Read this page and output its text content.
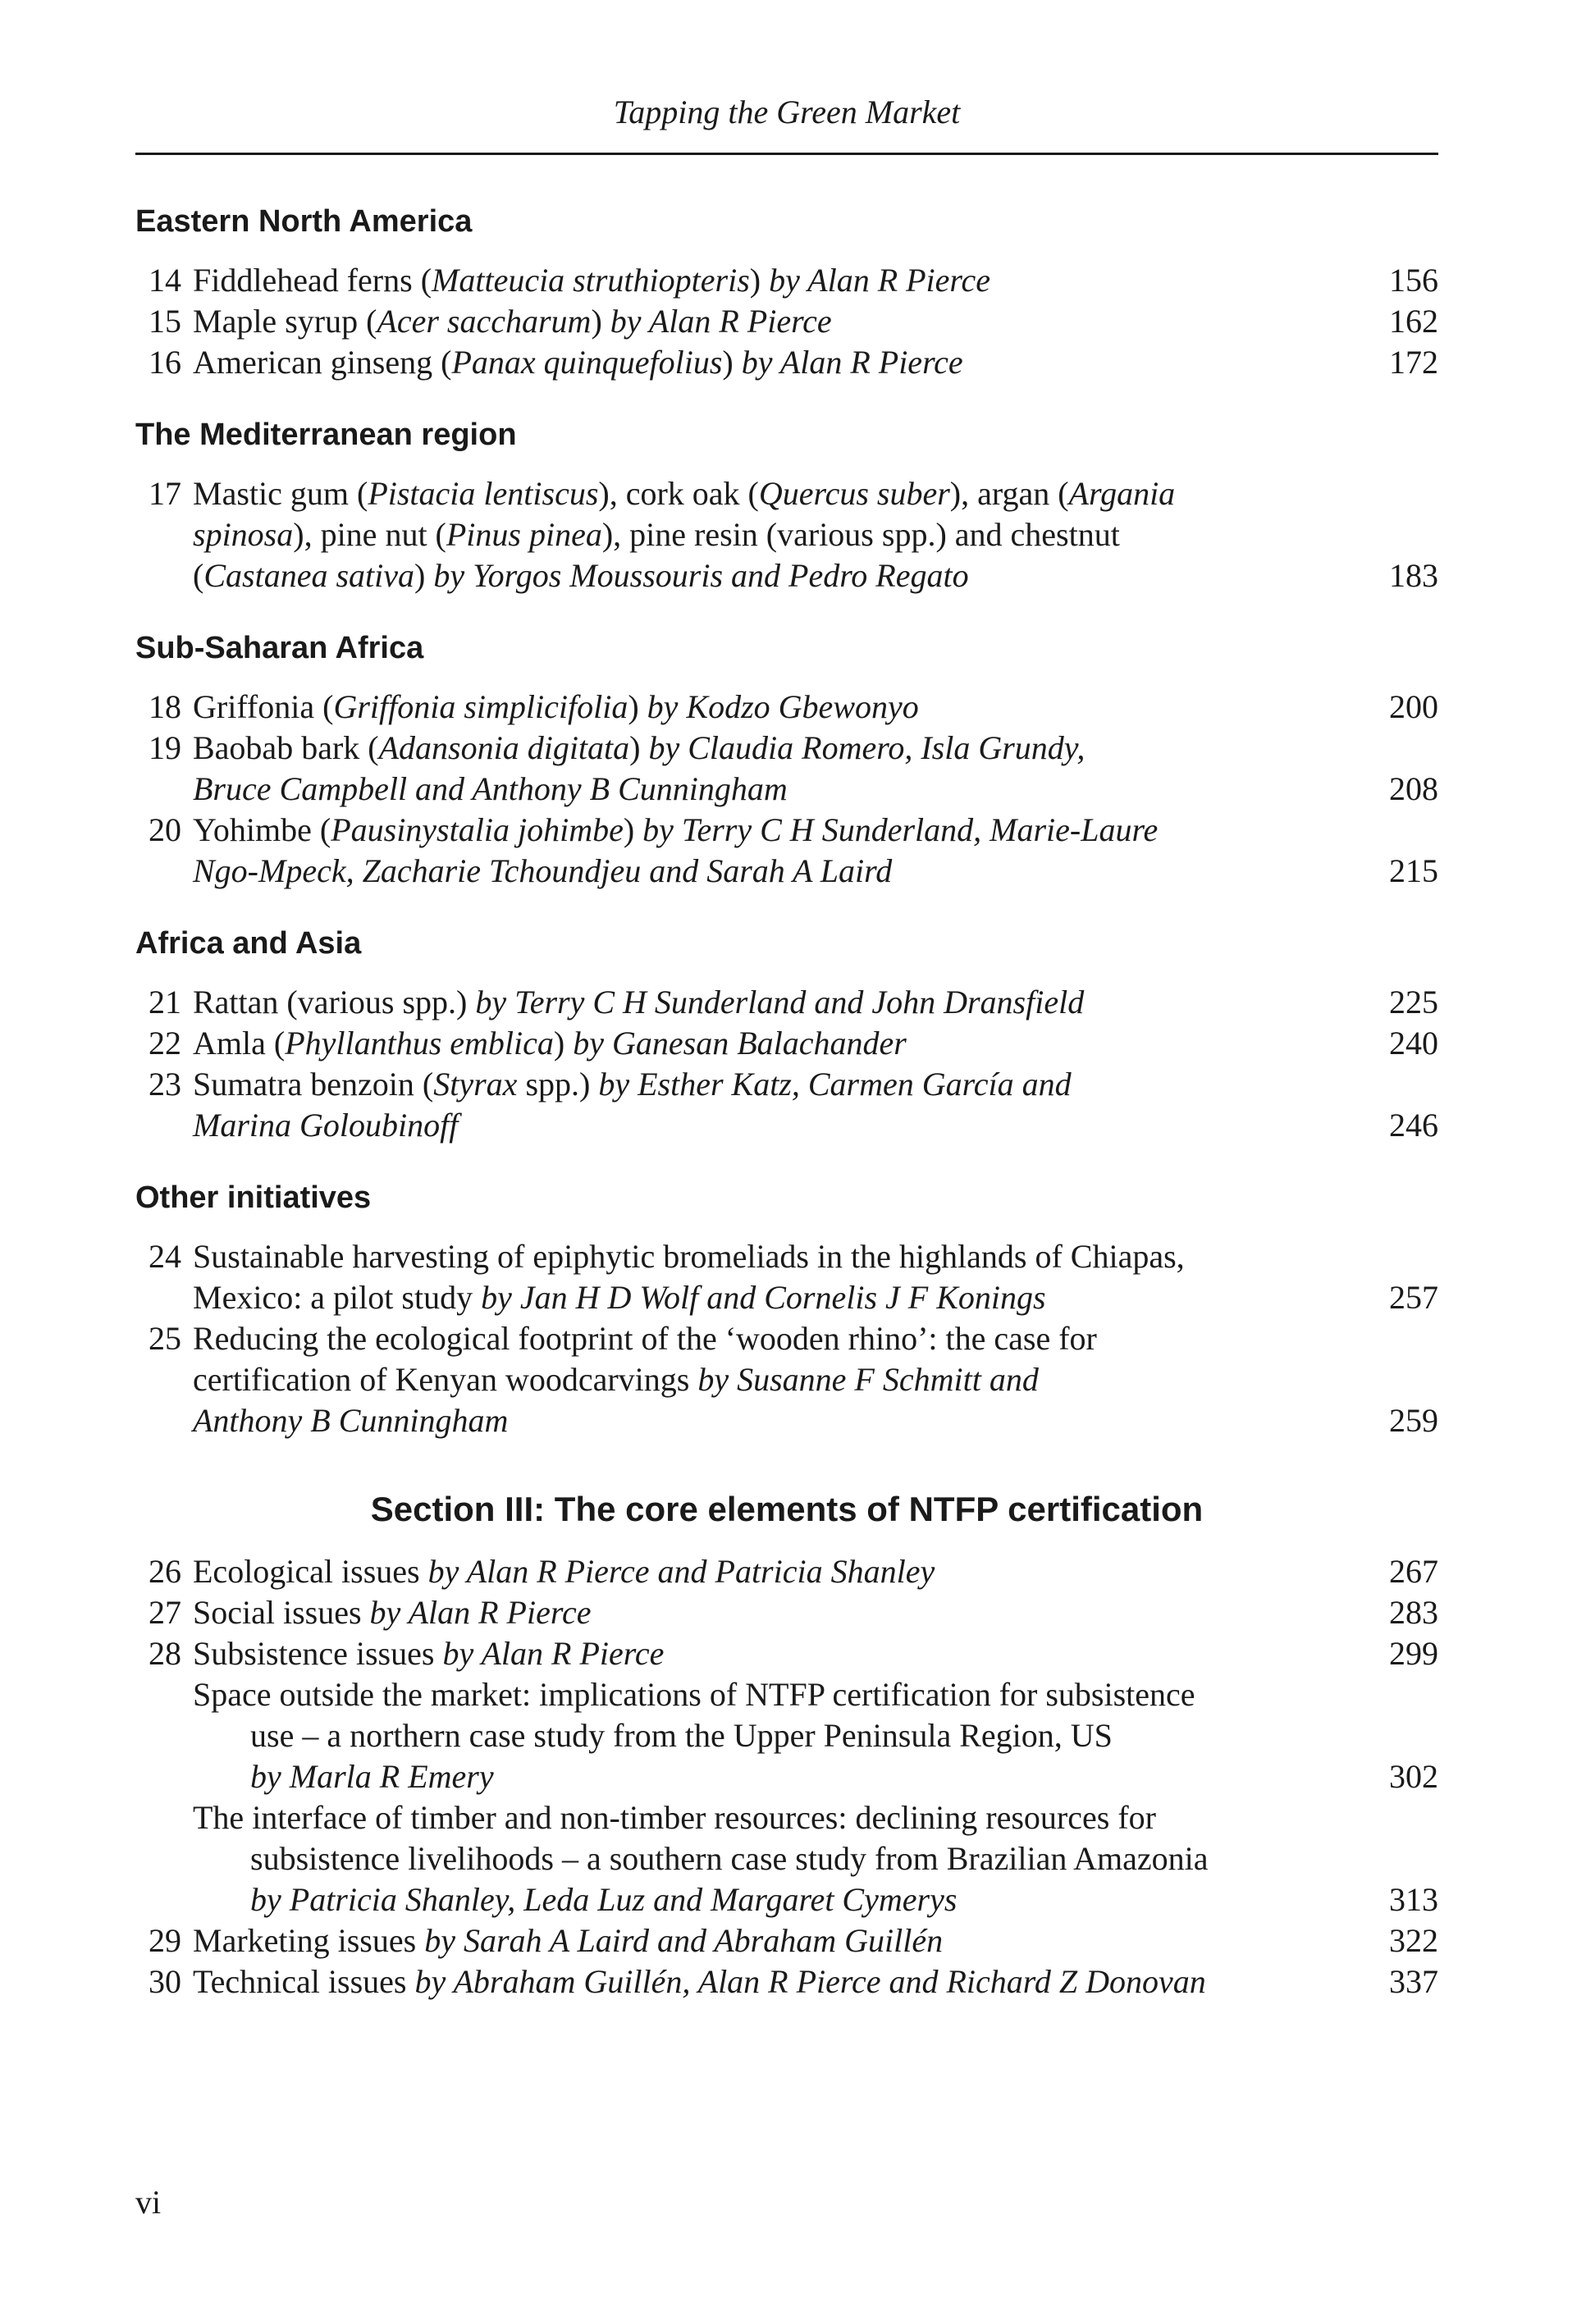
Tapping the Green Market
Eastern North America
14 Fiddlehead ferns (Matteucia struthiopteris) by Alan R Pierce	156
15 Maple syrup (Acer saccharum) by Alan R Pierce	162
16 American ginseng (Panax quinquefolius) by Alan R Pierce	172
The Mediterranean region
17 Mastic gum (Pistacia lentiscus), cork oak (Quercus suber), argan (Argania
spinosa), pine nut (Pinus pinea), pine resin (various spp.) and chestnut
(Castanea sativa) by Yorgos Moussouris and Pedro Regato	183
Sub-Saharan Africa
18 Griffonia (Griffonia simplicifolia) by Kodzo Gbewonyo	200
19 Baobab bark (Adansonia digitata) by Claudia Romero, Isla Grundy,
Bruce Campbell and Anthony B Cunningham	208
20 Yohimbe (Pausinystalia johimbe) by Terry C H Sunderland, Marie-Laure
Ngo-Mpeck, Zacharie Tchoundjeu and Sarah A Laird	215
Africa and Asia
21 Rattan (various spp.) by Terry C H Sunderland and John Dransfield	225
22 Amla (Phyllanthus emblica) by Ganesan Balachander	240
23 Sumatra benzoin (Styrax spp.) by Esther Katz, Carmen García and
Marina Goloubinoff	246
Other initiatives
24 Sustainable harvesting of epiphytic bromeliads in the highlands of Chiapas,
Mexico: a pilot study by Jan H D Wolf and Cornelis J F Konings	257
25 Reducing the ecological footprint of the ‘wooden rhino’: the case for
certification of Kenyan woodcarvings by Susanne F Schmitt and
Anthony B Cunningham	259
Section III: The core elements of NTFP certification
26 Ecological issues by Alan R Pierce and Patricia Shanley	267
27 Social issues by Alan R Pierce	283
28 Subsistence issues by Alan R Pierce	299
Space outside the market: implications of NTFP certification for subsistence
use – a northern case study from the Upper Peninsula Region, US
by Marla R Emery	302
The interface of timber and non-timber resources: declining resources for
subsistence livelihoods – a southern case study from Brazilian Amazonia
by Patricia Shanley, Leda Luz and Margaret Cymerys	313
29 Marketing issues by Sarah A Laird and Abraham Guillén	322
30 Technical issues by Abraham Guillén, Alan R Pierce and Richard Z Donovan	337
vi
